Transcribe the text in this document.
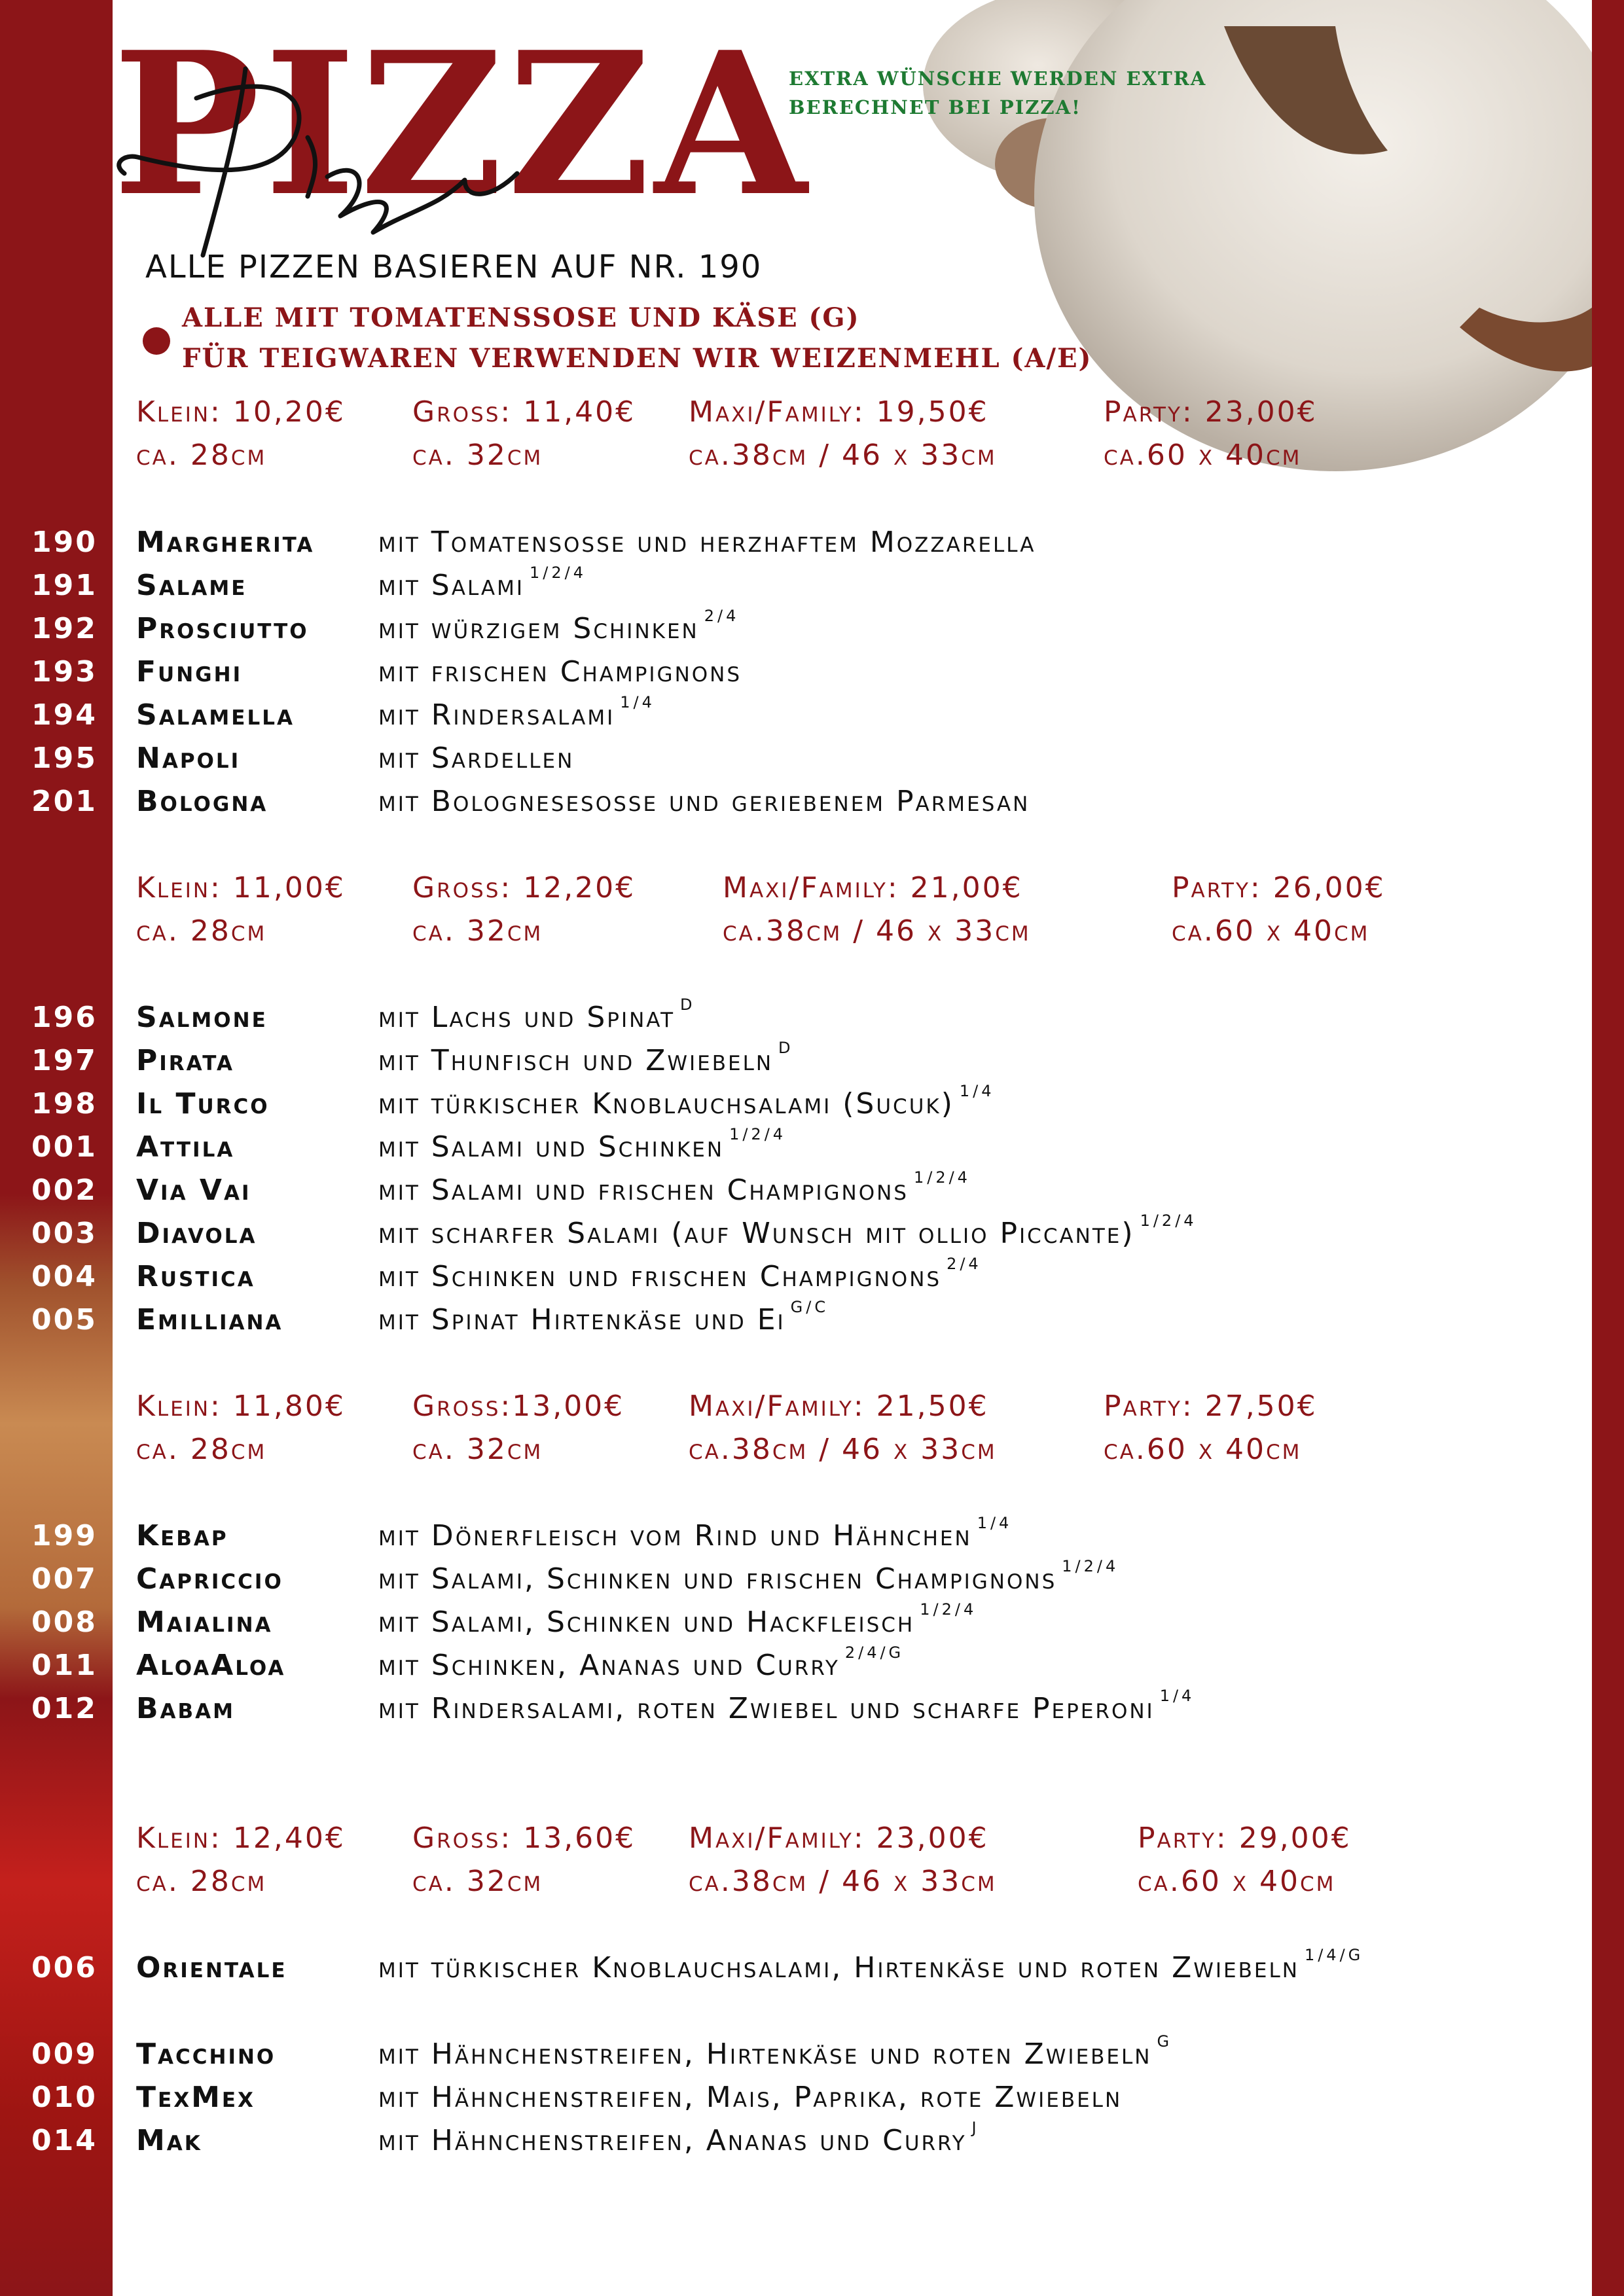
PIZZA
EXTRA WÜNSCHE WERDEN EXTRA
BERECHNET BEI PIZZA!
ALLE PIZZEN BASIEREN AUF NR. 190
ALLE MIT TOMATENSSOSE UND KÄSE (G)
FÜR TEIGWAREN VERWENDEN WIR WEIZENMEHL (A/E)
Klein: 10,20€
ca. 28cm
Gross: 11,40€
ca. 32cm
Maxi/Family: 19,50€
ca.38cm / 46 x 33cm
Party: 23,00€
ca.60 x 40cm
190 Margherita mit Tomatensosse und herzhaftem Mozzarella
191 Salame	mit Salami $^{1/2/4}$
192 Prosciutto mit würzigem Schinken $^{2/4}$
193 Funghi	mit frischen Champignons
194 Salamella	mit Rindersalami $^{1/4}$
195 Napoli	mit Sardellen
201 Bologna	mit Bolognesesosse und geriebenem Parmesan
Klein: 11,00€
ca. 28cm
Gross: 12,20€
ca. 32cm
Maxi/Family: 21,00€
ca.38cm / 46 x 33cm
Party: 26,00€
ca.60 x 40cm
196 Salmone	mit Lachs und Spinat $^D$
197 Pirata	mit Thunfisch und Zwiebeln $^D$
198 Il Turco	mit türkischer Knoblauchsalami (Sucuk) $^{1/4}$
001 Attila	mit Salami und Schinken $^{1/2/4}$
002 Via Vai	mit Salami und frischen Champignons $^{1/2/4}$
003 Diavola	mit scharfer Salami (auf Wunsch mit ollio Piccante) $^{1/2/4}$
004 Rustica	mit Schinken und frischen Champignons $^{2/4}$
005 Emilliana	mit Spinat Hirtenkäse und Ei $^{G/C}$
Klein: 11,80€
ca. 28cm
Gross:13,00€
ca. 32cm
Maxi/Family: 21,50€
ca.38cm / 46 x 33cm
Party: 27,50€
ca.60 x 40cm
199 Kebap	mit Dönerfleisch vom Rind und Hähnchen $^{1/4}$
007 Capriccio	mit Salami, Schinken und frischen Champignons $^{1/2/4}$
008 Maialina	mit Salami, Schinken und Hackfleisch $^{1/2/4}$
011 AloaAloa	mit Schinken, Ananas und Curry $^{2/4/G}$
012 Babam	mit Rindersalami, roten Zwiebel und scharfe Peperoni $^{1/4}$
Klein: 12,40€
ca. 28cm
Gross: 13,60€
ca. 32cm
Maxi/Family: 23,00€
ca.38cm / 46 x 33cm
Party: 29,00€
ca.60 x 40cm
006 Orientale	mit türkischer Knoblauchsalami, Hirtenkäse und roten Zwiebeln $^{1/4/G}$
009 Tacchino	mit Hähnchenstreifen, Hirtenkäse und roten Zwiebeln $^G$
010 TexMex	mit Hähnchenstreifen, Mais, Paprika, rote Zwiebeln
014 Mak	mit Hähnchenstreifen, Ananas und Curry $^J$
